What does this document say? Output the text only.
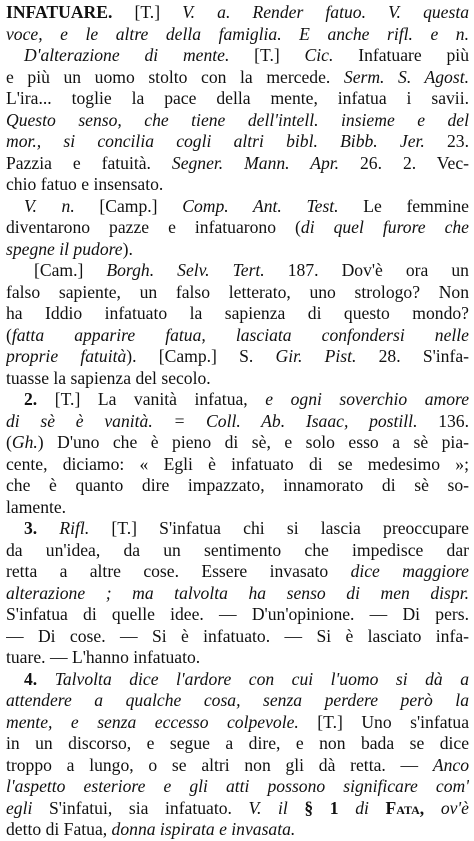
INFATUARE. [T.] V. a. Render fatuo. V. questa
voce, e le altre della famiglia. E anche rifl. e n.
D'alterazione di mente. [T.] Cic. Infatuare più
e più un uomo stolto con la mercede. Serm. S. Agost.
L'ira... toglie la pace della mente, infatua i savii.
Questo senso, che tiene dell'intell. insieme e del
mor., si concilia cogli altri bibl. Bibb. Jer. 23.
Pazzia e fatuità. Segner. Mann. Apr. 26. 2. Vec-
chio fatuo e insensato.
V. n. [Camp.] Comp. Ant. Test. Le femmine
diventarono pazze e infatuarono (di quel furore che
spegne il pudore).
[Cam.] Borgh. Selv. Tert. 187. Dov'è ora un
falso sapiente, un falso letterato, uno strologo? Non
ha Iddio infatuato la sapienza di questo mondo?
(fatta apparire fatua, lasciata confondersi nelle
proprie fatuità). [Camp.] S. Gir. Pist. 28. S'infa-
tuasse la sapienza del secolo.
2. [T.] La vanità infatua, e ogni soverchio amore
di sè è vanità. = Coll. Ab. Isaac, postill. 136.
(Gh.) D'uno che è pieno di sè, e solo esso a sè pia-
cente, diciamo: « Egli è infatuato di se medesimo »;
che è quanto dire impazzato, innamorato di sè so-
lamente.
3. Rifl. [T.] S'infatua chi si lascia preoccupare
da un'idea, da un sentimento che impedisce dar
retta a altre cose. Essere invasato dice maggiore
alterazione ; ma talvolta ha senso di men dispr.
S'infatua di quelle idee. — D'un'opinione. — Di pers.
— Di cose. — Si è infatuato. — Si è lasciato infa-
tuare. — L'hanno infatuato.
4. Talvolta dice l'ardore con cui l'uomo si dà a
attendere a qualche cosa, senza perdere però la
mente, e senza eccesso colpevole. [T.] Uno s'infatua
in un discorso, e segue a dire, e non bada se dice
troppo a lungo, o se altri non gli dà retta. — Anco
l'aspetto esteriore e gli atti possono significare com'
egli S'infatui, sia infatuato. V. il § 1 di Fata, ov'è
detto di Fatua, donna ispirata e invasata.
